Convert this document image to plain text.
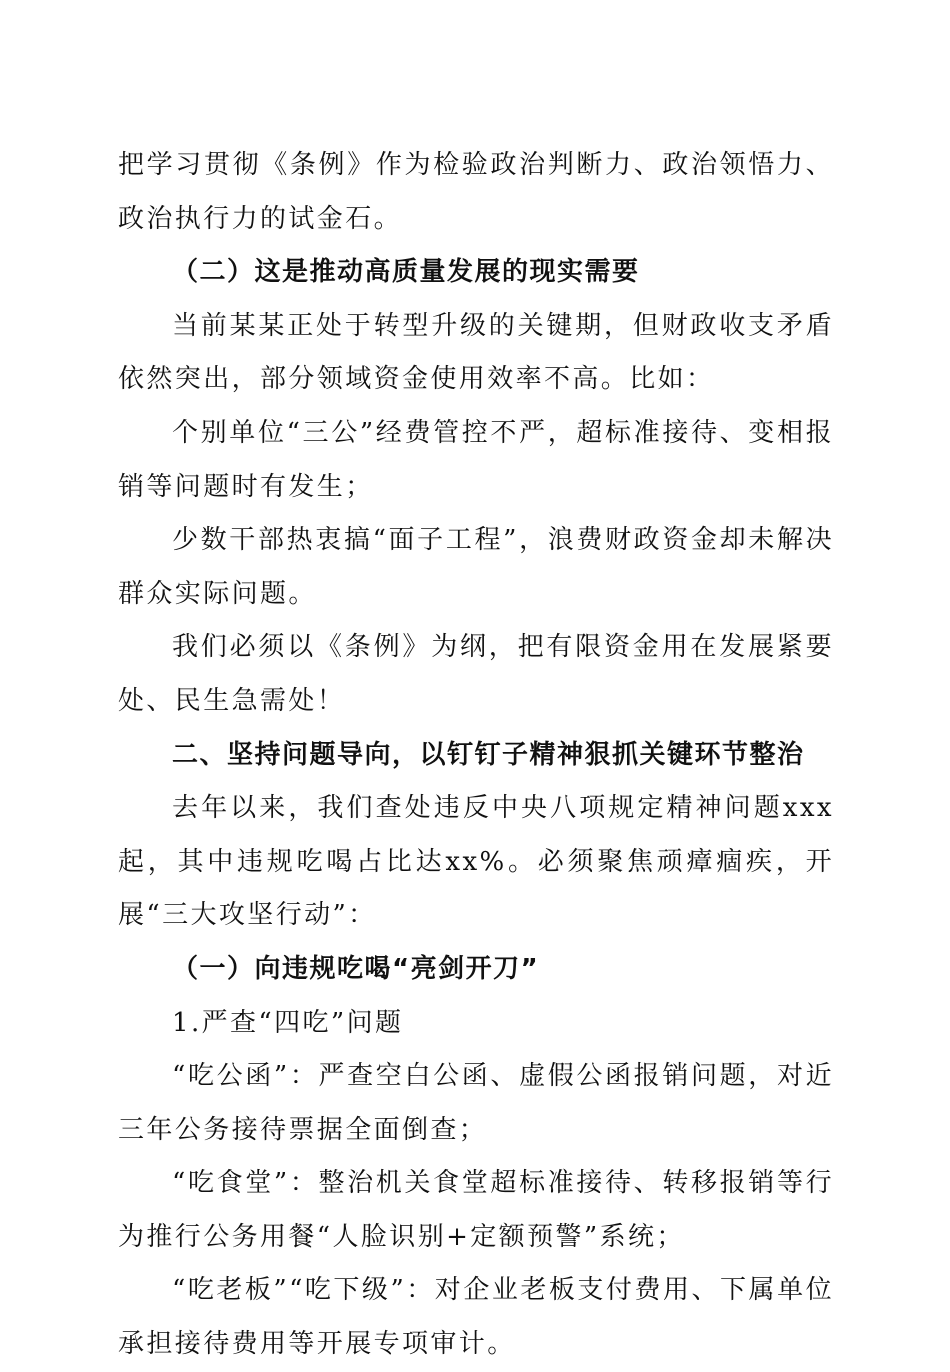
把学习贯彻《条例》作为检验政治判断力、政治领悟力、政治执行力的试金石。

（二）这是推动高质量发展的现实需要

当前某某正处于转型升级的关键期，但财政收支矛盾依然突出，部分领域资金使用效率不高。比如：

个别单位“三公”经费管控不严，超标准接待、变相报销等问题时有发生；

少数干部热衷搞“面子工程”，浪费财政资金却未解决群众实际问题。

我们必须以《条例》为纲，把有限资金用在发展紧要处、民生急需处！

二、坚持问题导向，以钉钉子精神狠抓关键环节整治

去年以来，我们查处违反中央八项规定精神问题xxx起，其中违规吃喝占比达xx%。必须聚焦顽瘴痼疾，开展“三大攻坚行动”：

（一）向违规吃喝“亮剑开刀”

1.严查“四吃”问题

“吃公函”：严查空白公函、虚假公函报销问题，对近三年公务接待票据全面倒查；

“吃食堂”：整治机关食堂超标准接待、转移报销等行为推行公务用餐“人脸识别+定额预警”系统；

“吃老板”“吃下级”：对企业老板支付费用、下属单位承担接待费用等开展专项审计。
